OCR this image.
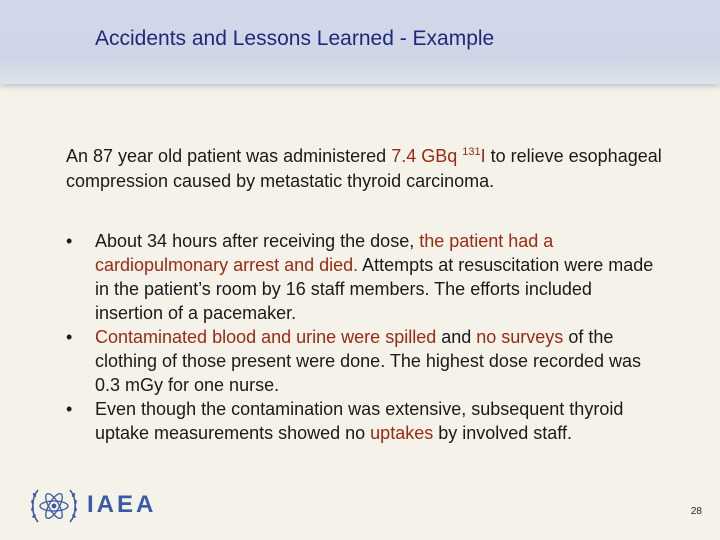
Accidents and Lessons Learned - Example

An 87 year old patient was administered 7.4 GBq $^{131}$I to relieve esophageal compression caused by metastatic thyroid carcinoma.

• About 34 hours after receiving the dose, the patient had a cardiopulmonary arrest and died. Attempts at resuscitation were made in the patient’s room by 16 staff members. The efforts included insertion of a pacemaker.
• Contaminated blood and urine were spilled and no surveys of the clothing of those present were done. The highest dose recorded was 0.3 mGy for one nurse.
• Even though the contamination was extensive, subsequent thyroid uptake measurements showed no uptakes by involved staff.
IAEA	28
